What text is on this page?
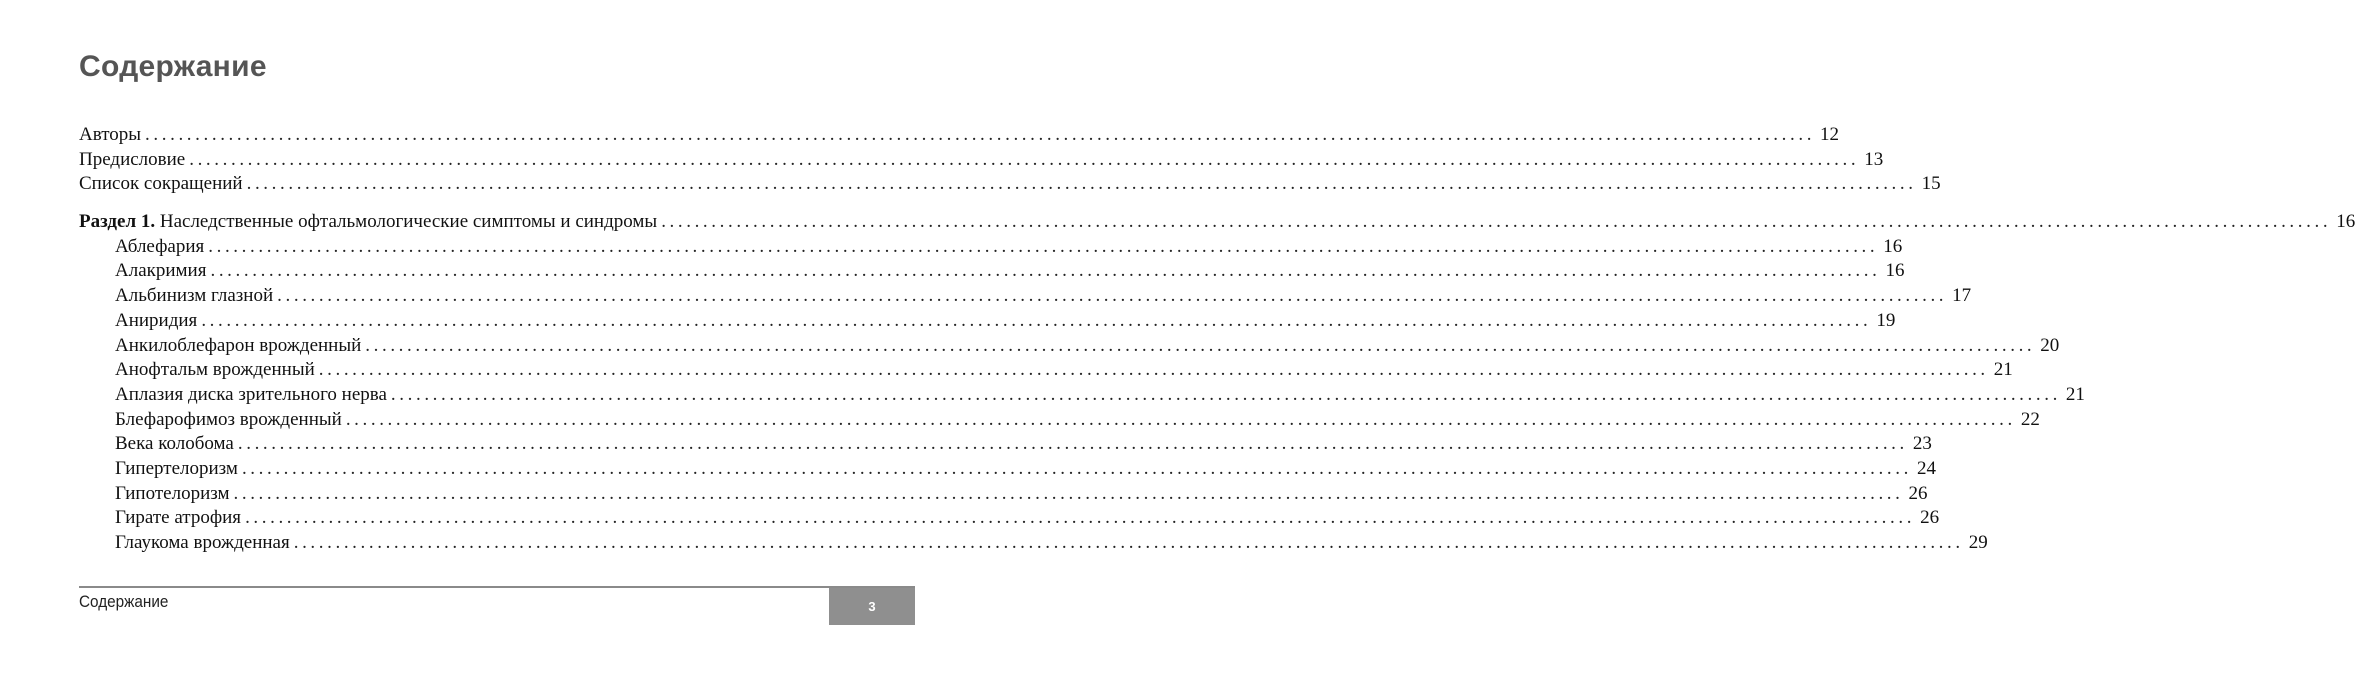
Содержание
Авторы ........................................................................................................................................................................................................ 12
Предисловие ........................................................................................................................................................................................................ 13
Список сокращений ........................................................................................................................................................................................................ 15
Раздел 1. Наследственные офтальмологические симптомы и синдромы ........................................................................................................................................................................................................ 16
Аблефария ........................................................................................................................................................................................................ 16
Алакримия ........................................................................................................................................................................................................ 16
Альбинизм глазной ........................................................................................................................................................................................................ 17
Аниридия ........................................................................................................................................................................................................ 19
Анкилоблефарон врожденный ........................................................................................................................................................................................................ 20
Анофтальм врожденный ........................................................................................................................................................................................................ 21
Аплазия диска зрительного нерва ........................................................................................................................................................................................................ 21
Блефарофимоз врожденный ........................................................................................................................................................................................................ 22
Века колобома ........................................................................................................................................................................................................ 23
Гипертелоризм ........................................................................................................................................................................................................ 24
Гипотелоризм ........................................................................................................................................................................................................ 26
Гирате атрофия ........................................................................................................................................................................................................ 26
Глаукома врожденная ........................................................................................................................................................................................................ 29
Содержание	3
